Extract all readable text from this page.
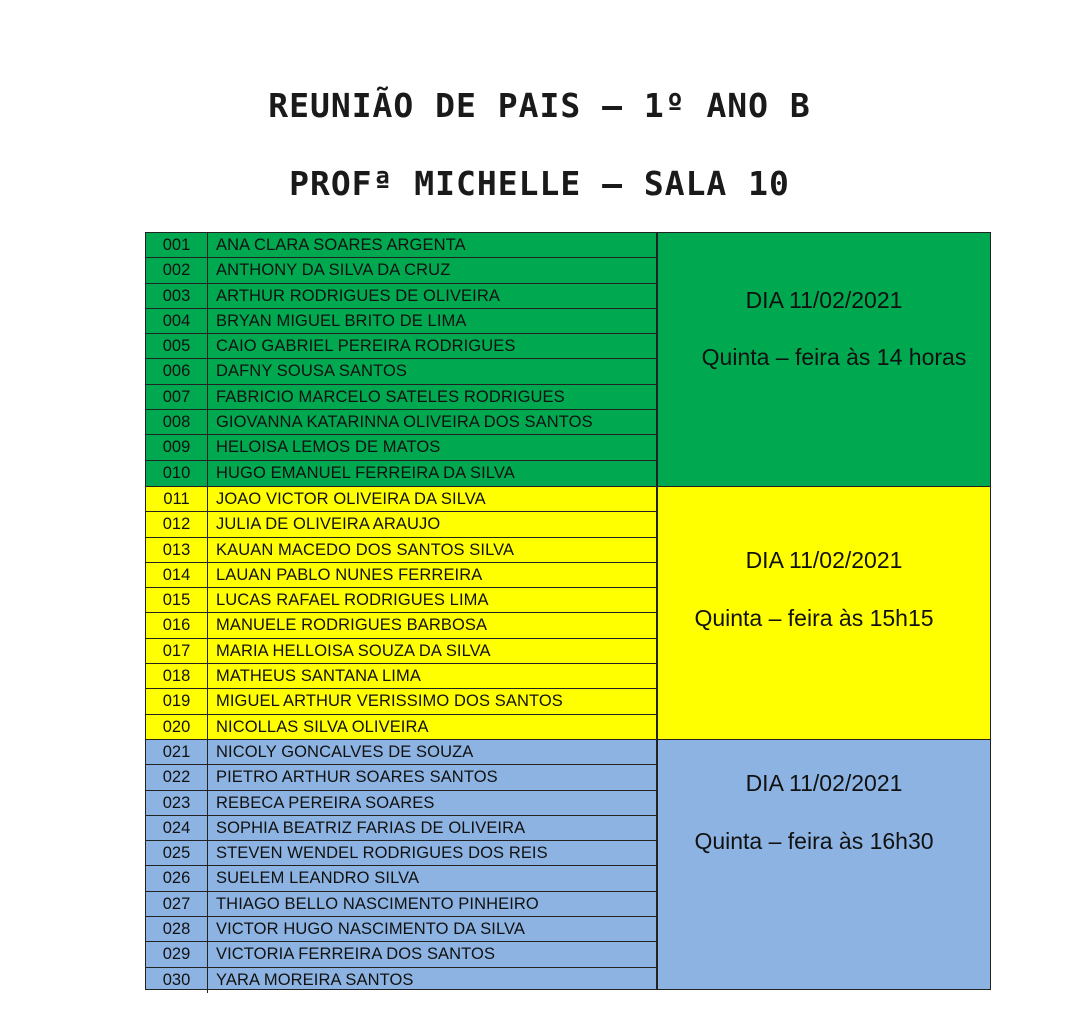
REUNIÃO DE PAIS – 1º ANO B
PROFª MICHELLE – SALA 10
001	ANA CLARA SOARES ARGENTA
002	ANTHONY DA SILVA DA CRUZ
003	ARTHUR RODRIGUES DE OLIVEIRA
004	BRYAN MIGUEL BRITO DE LIMA
005	CAIO GABRIEL PEREIRA RODRIGUES
006	DAFNY SOUSA SANTOS
007	FABRICIO MARCELO SATELES RODRIGUES
008	GIOVANNA KATARINNA OLIVEIRA DOS SANTOS
009	HELOISA LEMOS DE MATOS
010	HUGO EMANUEL FERREIRA DA SILVA
DIA 11/02/2021
Quinta – feira às 14 horas
011	JOAO VICTOR OLIVEIRA DA SILVA
012	JULIA DE OLIVEIRA ARAUJO
013	KAUAN MACEDO DOS SANTOS SILVA
014	LAUAN PABLO NUNES FERREIRA
015	LUCAS RAFAEL RODRIGUES LIMA
016	MANUELE RODRIGUES BARBOSA
017	MARIA HELLOISA SOUZA DA SILVA
018	MATHEUS SANTANA LIMA
019	MIGUEL ARTHUR VERISSIMO DOS SANTOS
020	NICOLLAS SILVA OLIVEIRA
DIA 11/02/2021
Quinta – feira às 15h15
021	NICOLY GONCALVES DE SOUZA
022	PIETRO ARTHUR SOARES SANTOS
023	REBECA PEREIRA SOARES
024	SOPHIA BEATRIZ FARIAS DE OLIVEIRA
025	STEVEN WENDEL RODRIGUES DOS REIS
026	SUELEM LEANDRO SILVA
027	THIAGO BELLO NASCIMENTO PINHEIRO
028	VICTOR HUGO NASCIMENTO DA SILVA
029	VICTORIA FERREIRA DOS SANTOS
030	YARA MOREIRA SANTOS
DIA 11/02/2021
Quinta – feira às 16h30
